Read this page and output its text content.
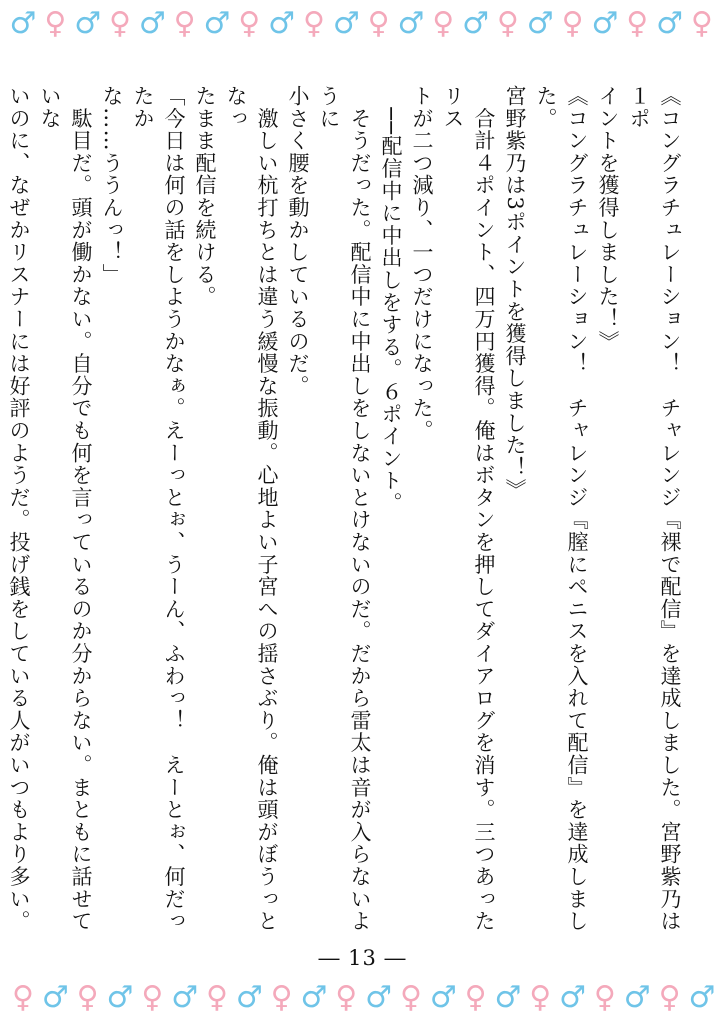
♂ ♀ ♂ ♀ ♂ ♀ ♂ ♀ ♂ ♀ ♂ ♀ ♂ ♀ ♂ ♀ ♂ ♀ ♂ ♀ ♂ ♀

《コングラチュレーション！　チャレンジ『裸で配信』を達成しました。宮野紫乃は１ポ

イントを獲得しました！》

《コングラチュレーション！　チャレンジ『膣にペニスを入れて配信』を達成しました。

宮野紫乃は3ポイントを獲得しました！》

　合計４ポイント、四万円獲得。俺はボタンを押してダイアログを消す。三つあったリス

トが二つ減り、一つだけになった。

　──配信中に中出しをする。６ポイント。

　そうだった。配信中に中出しをしないとけないのだ。だから雷太は音が入らないように

小さく腰を動かしているのだ。

　激しい杭打ちとは違う緩慢な振動。心地よい子宮への揺さぶり。俺は頭がぼうっとなっ

たまま配信を続ける。

「今日は何の話をしようかなぁ。えーっとぉ、うーん、ふわっ！　えーとぉ、何だったか

な……ううんっ！」

　駄目だ。頭が働かない。自分でも何を言っているのか分からない。まともに話せていな

いのに、なぜかリスナーには好評のようだ。投げ銭をしている人がいつもより多い。

― 13 ―
♀ ♂ ♀ ♂ ♀ ♂ ♀ ♂ ♀ ♂ ♀ ♂ ♀ ♂ ♀ ♂ ♀ ♂ ♀ ♂ ♀ ♂
